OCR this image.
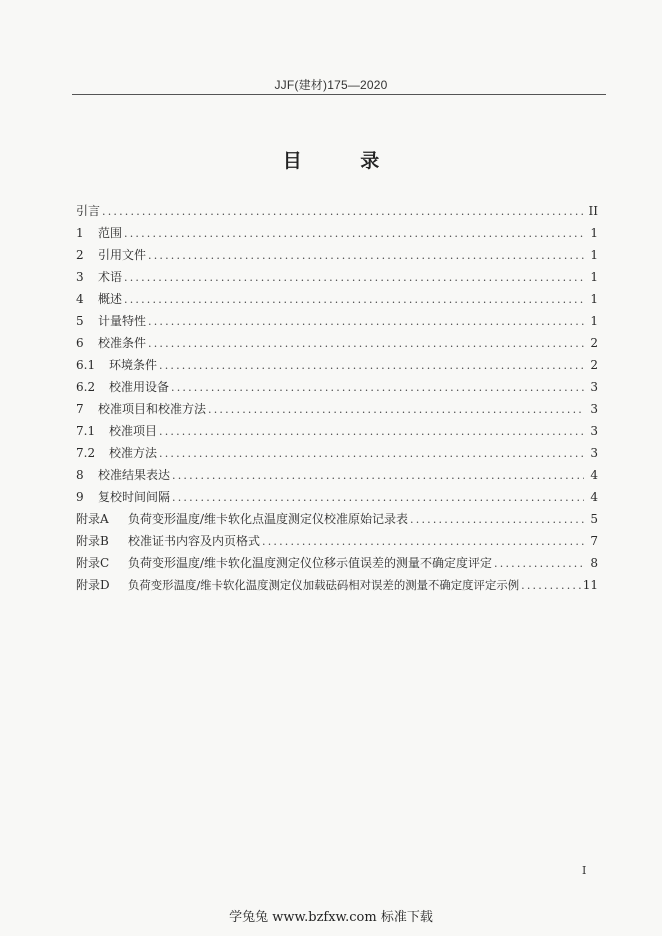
JJF(建材)175—2020
目 录
引言 .....	II
1	范围 .....	1
2	引用文件 .....	1
3	术语 .....	1
4	概述 .....	1
5	计量特性 .....	1
6	校准条件 .....	2
6.1	环境条件 .....	2
6.2	校准用设备 .....	3
7	校准项目和校准方法 .....	3
7.1	校准项目 .....	3
7.2	校准方法 .....	3
8	校准结果表达 .....	4
9	复校时间间隔 .....	4
附录A	负荷变形温度/维卡软化点温度测定仪校准原始记录表 .....	5
附录B	校准证书内容及内页格式 .....	7
附录C	负荷变形温度/维卡软化温度测定仪位移示值误差的测量不确定度评定 .....	8
附录D	负荷变形温度/维卡软化温度测定仪加载砝码相对误差的测量不确定度评定示例 .....	11
I
学兔兔 www.bzfxw.com 标准下载
